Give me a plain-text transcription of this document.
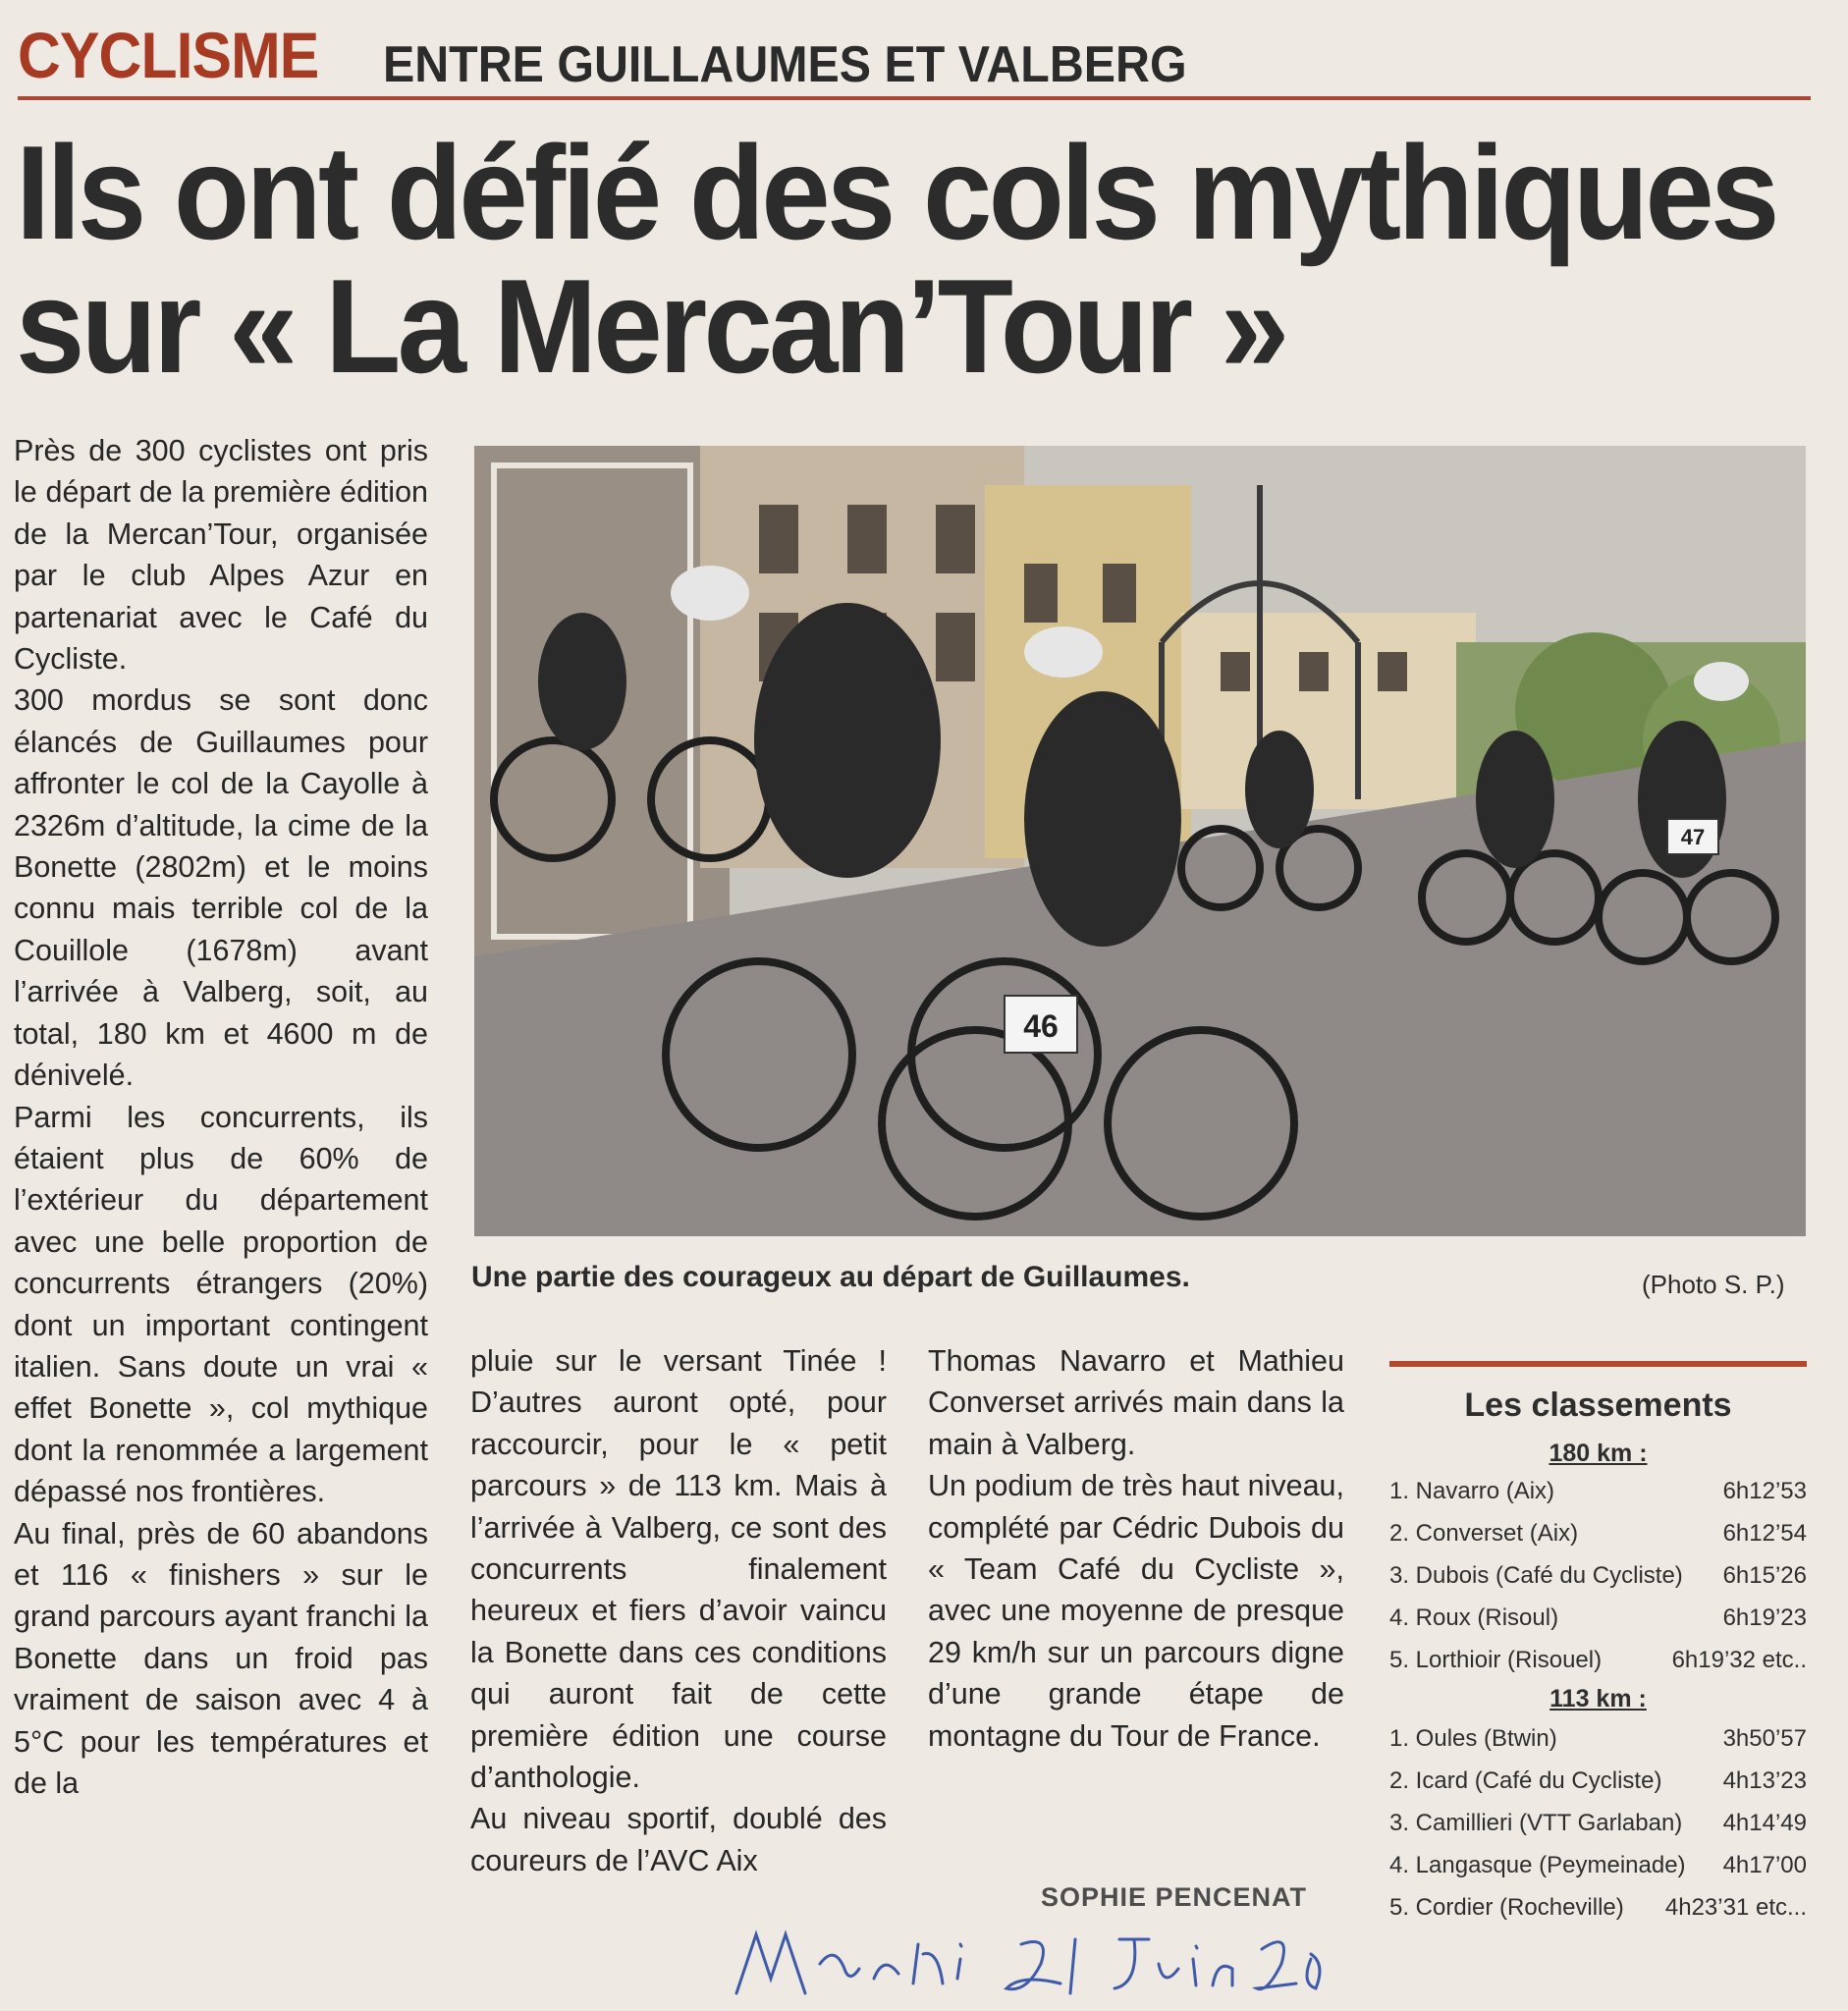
CYCLISME ENTRE GUILLAUMES ET VALBERG
Ils ont défié des cols mythiques
sur « La Mercan’Tour »

Près de 300 cyclistes ont pris le départ de la première édition de la Mercan’Tour, organisée par le club Alpes Azur en partenariat avec le Café du Cycliste.

300 mordus se sont donc élancés de Guillaumes pour affronter le col de la Cayolle à 2326m d’altitude, la cime de la Bonette (2802m) et le moins connu mais terrible col de la Couillole (1678m) avant l’arrivée à Valberg, soit, au total, 180 km et 4600 m de dénivelé.

Parmi les concurrents, ils étaient plus de 60% de l’extérieur du département avec une belle proportion de concurrents étrangers (20%) dont un important contingent italien. Sans doute un vrai « effet Bonette », col mythique dont la renommée a largement dépassé nos frontières.

Au final, près de 60 abandons et 116 « finishers » sur le grand parcours ayant franchi la Bonette dans un froid pas vraiment de saison avec 4 à 5°C pour les températures et de la

46
47
Une partie des courageux au départ de Guillaumes.	(Photo S. P.)

pluie sur le versant Tinée ! D’autres auront opté, pour raccourcir, pour le « petit parcours » de 113 km. Mais à l’arrivée à Valberg, ce sont des concurrents finalement heureux et fiers d’avoir vaincu la Bonette dans ces conditions qui auront fait de cette première édition une course d’anthologie.

Au niveau sportif, doublé des coureurs de l’AVC Aix

Thomas Navarro et Mathieu Converset arrivés main dans la main à Valberg.

Un podium de très haut niveau, complété par Cédric Dubois du « Team Café du Cycliste », avec une moyenne de presque 29 km/h sur un parcours digne d’une grande étape de montagne du Tour de France.

SOPHIE PENCENAT
Les classements
180 km :
1. Navarro (Aix)	6h12’53
2. Converset (Aix)	6h12’54
3. Dubois (Café du Cycliste) 6h15’26
4. Roux (Risoul)	6h19’23
5. Lorthioir (Risouel)	6h19’32 etc..
113 km :
1. Oules (Btwin)	3h50’57
2. Icard (Café du Cycliste)	4h13’23
3. Camillieri (VTT Garlaban) 4h14’49
4. Langasque (Peymeinade) 4h17’00
5. Cordier (Rocheville) 4h23’31 etc...
